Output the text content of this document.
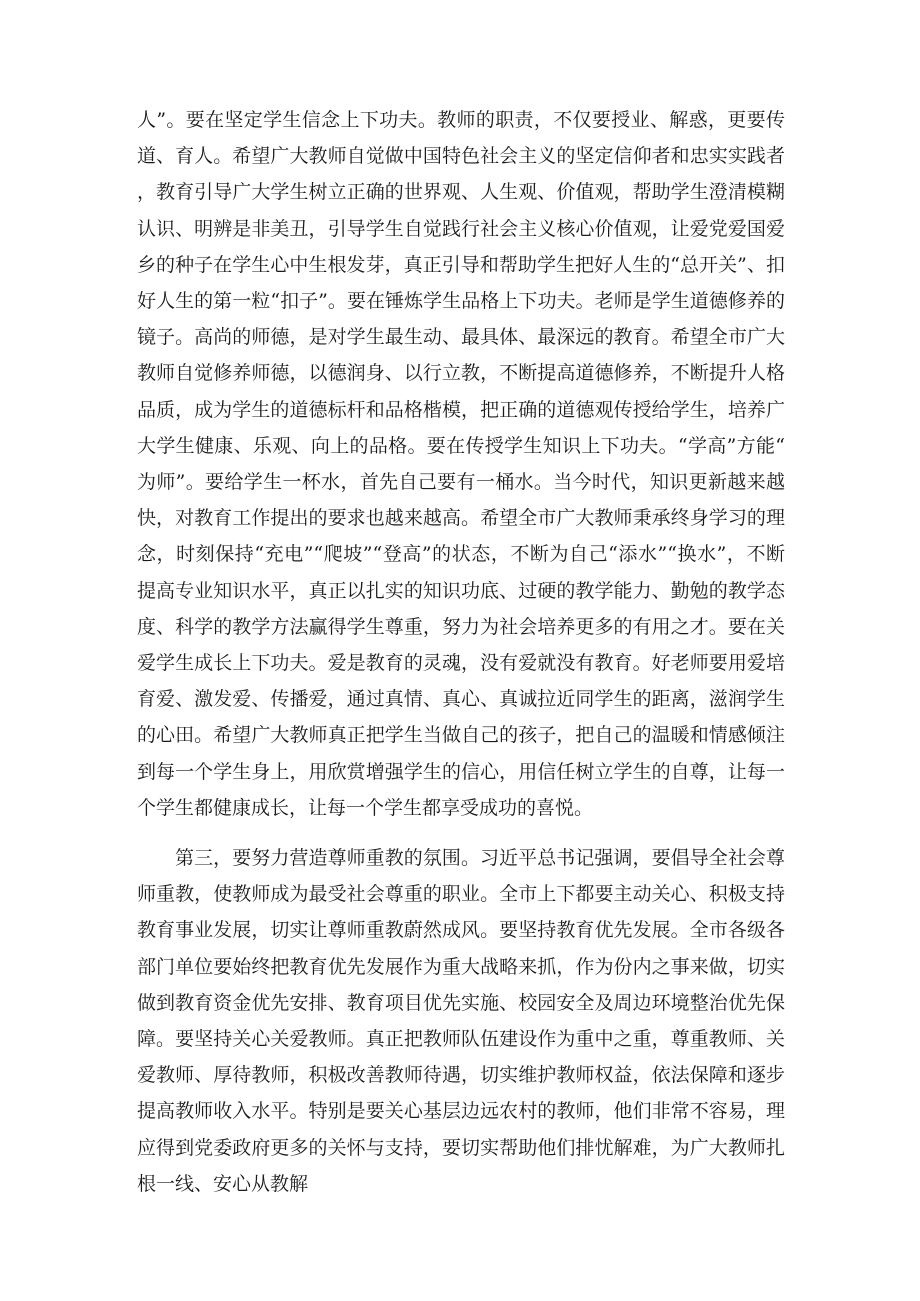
人”。要在坚定学生信念上下功夫。教师的职责，不仅要授业、解惑，更要传道、育人。希望广大教师自觉做中国特色社会主义的坚定信仰者和忠实实践者，教育引导广大学生树立正确的世界观、人生观、价值观，帮助学生澄清模糊认识、明辨是非美丑，引导学生自觉践行社会主义核心价值观，让爱党爱国爱乡的种子在学生心中生根发芽，真正引导和帮助学生把好人生的“总开关”、扣好人生的第一粒“扣子”。要在锤炼学生品格上下功夫。老师是学生道德修养的镜子。高尚的师德，是对学生最生动、最具体、最深远的教育。希望全市广大教师自觉修养师德，以德润身、以行立教，不断提高道德修养，不断提升人格品质，成为学生的道德标杆和品格楷模，把正确的道德观传授给学生，培养广大学生健康、乐观、向上的品格。要在传授学生知识上下功夫。“学高”方能“为师”。要给学生一杯水，首先自己要有一桶水。当今时代，知识更新越来越快，对教育工作提出的要求也越来越高。希望全市广大教师秉承终身学习的理念，时刻保持“充电”“爬坡”“登高”的状态，不断为自己“添水”“换水”，不断提高专业知识水平，真正以扎实的知识功底、过硬的教学能力、勤勉的教学态度、科学的教学方法赢得学生尊重，努力为社会培养更多的有用之才。要在关爱学生成长上下功夫。爱是教育的灵魂，没有爱就没有教育。好老师要用爱培育爱、激发爱、传播爱，通过真情、真心、真诚拉近同学生的距离，滋润学生的心田。希望广大教师真正把学生当做自己的孩子，把自己的温暖和情感倾注到每一个学生身上，用欣赏增强学生的信心，用信任树立学生的自尊，让每一个学生都健康成长，让每一个学生都享受成功的喜悦。

第三，要努力营造尊师重教的氛围。习近平总书记强调，要倡导全社会尊师重教，使教师成为最受社会尊重的职业。全市上下都要主动关心、积极支持教育事业发展，切实让尊师重教蔚然成风。要坚持教育优先发展。全市各级各部门单位要始终把教育优先发展作为重大战略来抓，作为份内之事来做，切实做到教育资金优先安排、教育项目优先实施、校园安全及周边环境整治优先保障。要坚持关心关爱教师。真正把教师队伍建设作为重中之重，尊重教师、关爱教师、厚待教师，积极改善教师待遇，切实维护教师权益，依法保障和逐步提高教师收入水平。特别是要关心基层边远农村的教师，他们非常不容易，理应得到党委政府更多的关怀与支持，要切实帮助他们排忧解难，为广大教师扎根一线、安心从教解
